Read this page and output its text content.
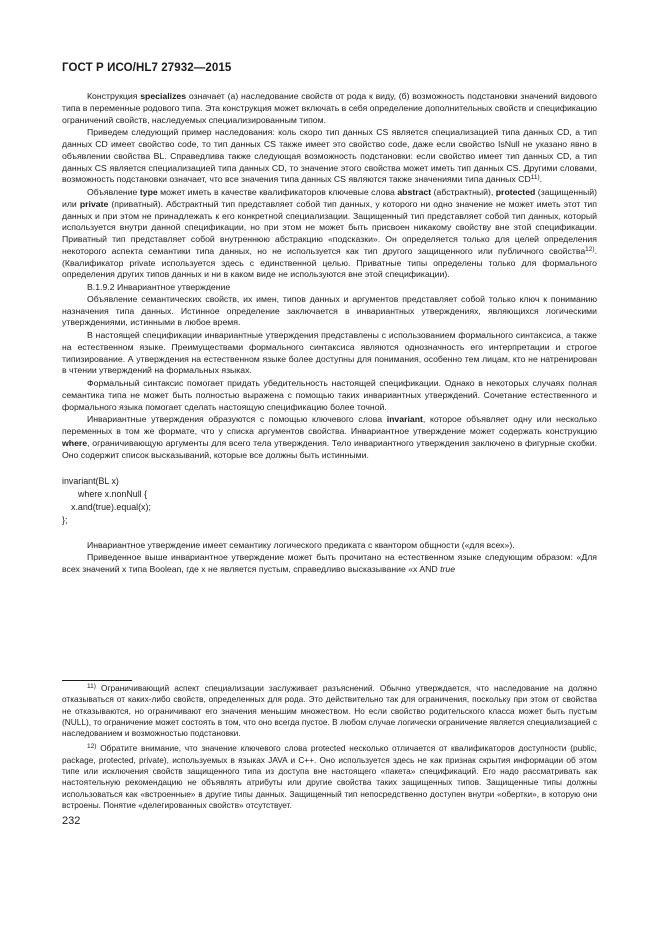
ГОСТ Р ИСО/HL7 27932—2015

Конструкция specializes означает (a) наследование свойств от рода к виду, (б) возможность подстановки значений видового типа в переменные родового типа. Эта конструкция может включать в себя определение дополнительных свойств и спецификацию ограничений свойств, наследуемых специализированным типом.

Приведем следующий пример наследования: коль скоро тип данных CS является специализацией типа данных CD, а тип данных CD имеет свойство code, то тип данных CS также имеет это свойство code, даже если свойство IsNull не указано явно в объявлении свойства BL. Справедлива также следующая возможность подстановки: если свойство имеет тип данных CD, а тип данных CS является специализацией типа данных CD, то значение этого свойства может иметь тип данных CS. Другими словами, возможность подстановки означает, что все значения типа данных CS являются также значениями типа данных CD$^{11)}$.

Объявление type может иметь в качестве квалификаторов ключевые слова abstract (абстрактный), protected (защищенный) или private (приватный). Абстрактный тип представляет собой тип данных, у которого ни одно значение не может иметь этот тип данных и при этом не принадлежать к его конкретной специализации. Защищенный тип представляет собой тип данных, который используется внутри данной спецификации, но при этом не может быть присвоен никакому свойству вне этой спецификации. Приватный тип представляет собой внутреннюю абстракцию «подсказки». Он определяется только для целей определения некоторого аспекта семантики типа данных, но не используется как тип другого защищенного или публичного свойства$^{12)}$. (Квалификатор private используется здесь с единственной целью. Приватные типы определены только для формального определения других типов данных и ни в каком виде не используются вне этой спецификации).

B.1.9.2 Инвариантное утверждение

Объявление семантических свойств, их имен, типов данных и аргументов представляет собой только ключ к пониманию назначения типа данных. Истинное определение заключается в инвариантных утверждениях, являющихся логическими утверждениями, истинными в любое время.

В настоящей спецификации инвариантные утверждения представлены с использованием формального синтаксиса, а также на естественном языке. Преимуществами формального синтаксиса являются однозначность его интерпретации и строгое типизирование. А утверждения на естественном языке более доступны для понимания, особенно тем лицам, кто не натренирован в чтении утверждений на формальных языках.

Формальный синтаксис помогает придать убедительность настоящей спецификации. Однако в некоторых случаях полная семантика типа не может быть полностью выражена с помощью таких инвариантных утверждений. Сочетание естественного и формального языка помогает сделать настоящую спецификацию более точной.

Инвариантные утверждения образуются с помощью ключевого слова invariant, которое объявляет одну или несколько переменных в том же формате, что у списка аргументов свойства. Инвариантное утверждение может содержать конструкцию where, ограничивающую аргументы для всего тела утверждения. Тело инвариантного утверждения заключено в фигурные скобки. Оно содержит список высказываний, которые все должны быть истинными.

invariant(BL x)
where x.nonNull {
x.and(true).equal(x);
};

Инвариантное утверждение имеет семантику логического предиката с квантором общности («для всех»).

Приведенное выше инвариантное утверждение может быть прочитано на естественном языке следующим образом: «Для всех значений x типа Boolean, где x не является пустым, справедливо высказывание «x AND true

$^{11)}$ Ограничивающий аспект специализации заслуживает разъяснений. Обычно утверждается, что наследование на должно отказываться от каких-либо свойств, определенных для рода. Это действительно так для ограничения, поскольку при этом от свойства не отказываются, но ограничивают его значения меньшим множеством. Но если свойство родительского класса может быть пустым (NULL), то ограничение может состоять в том, что оно всегда пустое. В любом случае логически ограничение является специализацией с наследованием и возможностью подстановки.

$^{12)}$ Обратите внимание, что значение ключевого слова protected несколько отличается от квалификаторов доступности (public, package, protected, private), используемых в языках JAVA и C++. Оно используется здесь не как признак скрытия информации об этом типе или исключения свойств защищенного типа из доступа вне настоящего «пакета» спецификаций. Его надо рассматривать как настоятельную рекомендацию не объявлять атрибуты или другие свойства таких защищенных типов. Защищенные типы должны использоваться как «встроенные» в другие типы данных. Защищенный тип непосредственно доступен внутри «обертки», в которую они встроены. Понятие «делегированных свойств» отсутствует.

232
